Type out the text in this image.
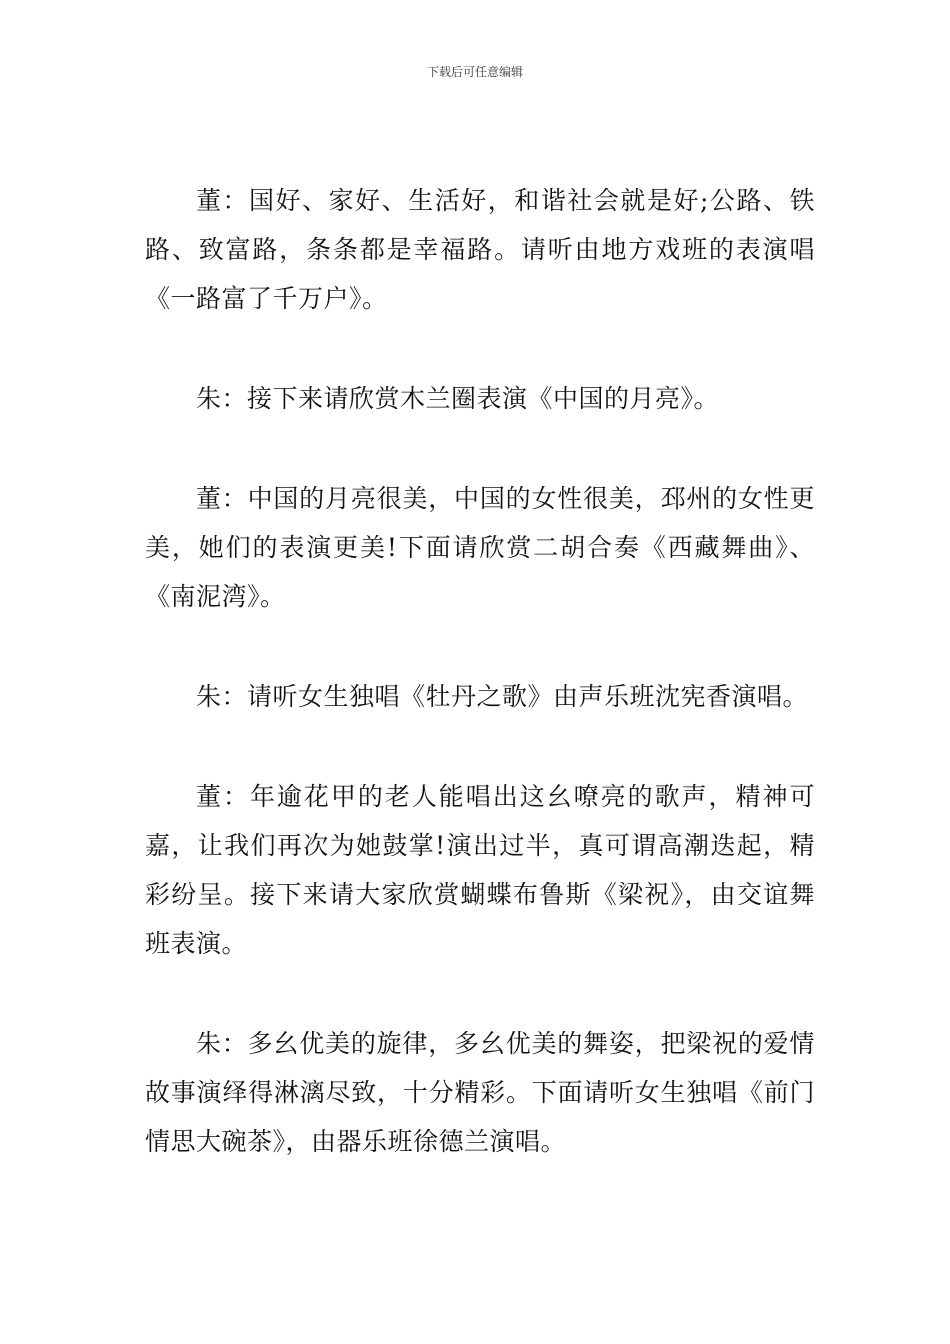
下载后可任意编辑

董：国好、家好、生活好，和谐社会就是好;公路、铁路、致富路，条条都是幸福路。请听由地方戏班的表演唱《一路富了千万户》。

朱：接下来请欣赏木兰圈表演《中国的月亮》。

董：中国的月亮很美，中国的女性很美，邳州的女性更美，她们的表演更美!下面请欣赏二胡合奏《西藏舞曲》、《南泥湾》。

朱：请听女生独唱《牡丹之歌》由声乐班沈宪香演唱。

董：年逾花甲的老人能唱出这幺嘹亮的歌声，精神可嘉，让我们再次为她鼓掌!演出过半，真可谓高潮迭起，精彩纷呈。接下来请大家欣赏蝴蝶布鲁斯《梁祝》，由交谊舞班表演。

朱：多幺优美的旋律，多幺优美的舞姿，把梁祝的爱情故事演绎得淋漓尽致，十分精彩。下面请听女生独唱《前门情思大碗茶》，由器乐班徐德兰演唱。
